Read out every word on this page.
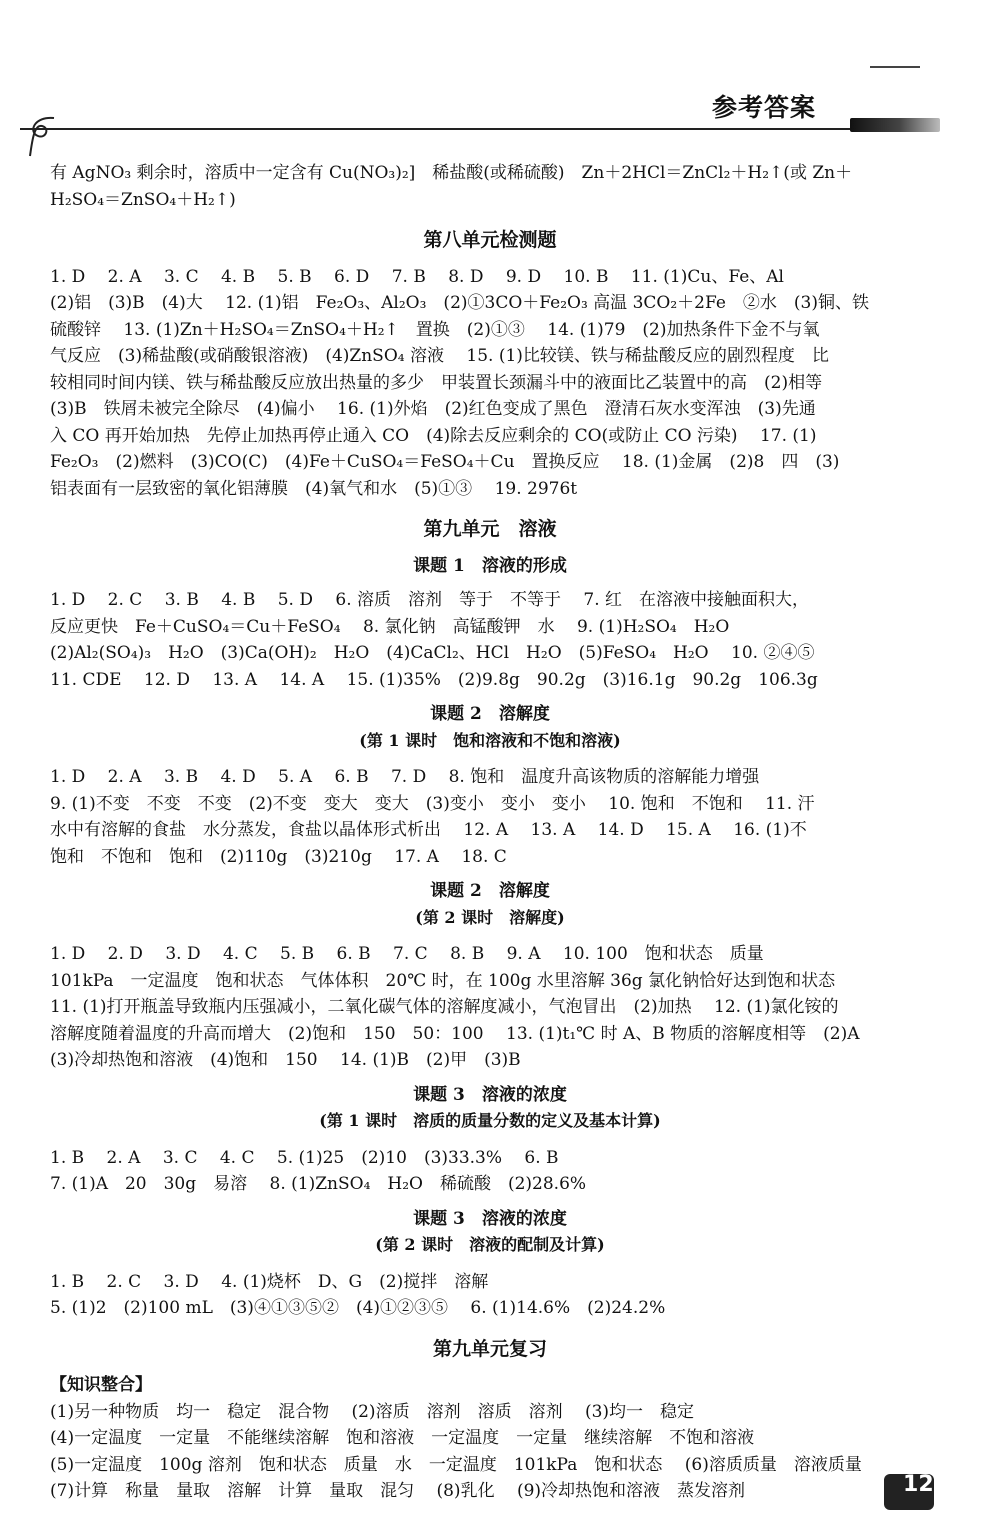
参考答案

有 AgNO₃ 剩余时，溶质中一定含有 Cu(NO₃)₂]　稀盐酸(或稀硫酸)　Zn＋2HCl＝ZnCl₂＋H₂↑(或 Zn＋

H₂SO₄＝ZnSO₄＋H₂↑)

第八单元检测题

1. D　 2. A　 3. C　 4. B　 5. B　 6. D　 7. B　 8. D　 9. D　 10. B　 11. (1)Cu、Fe、Al

(2)铝　(3)B　(4)大　 12. (1)铝　Fe₂O₃、Al₂O₃　(2)①3CO＋Fe₂O₃ 高温 3CO₂＋2Fe　②水　(3)铜、铁

硫酸锌　 13. (1)Zn＋H₂SO₄＝ZnSO₄＋H₂↑　置换　(2)①③　 14. (1)79　(2)加热条件下金不与氧

气反应　(3)稀盐酸(或硝酸银溶液)　(4)ZnSO₄ 溶液　 15. (1)比较镁、铁与稀盐酸反应的剧烈程度　比

较相同时间内镁、铁与稀盐酸反应放出热量的多少　甲装置长颈漏斗中的液面比乙装置中的高　(2)相等

(3)B　铁屑未被完全除尽　(4)偏小　 16. (1)外焰　(2)红色变成了黑色　澄清石灰水变浑浊　(3)先通

入 CO 再开始加热　先停止加热再停止通入 CO　(4)除去反应剩余的 CO(或防止 CO 污染)　 17. (1)

Fe₂O₃　(2)燃料　(3)CO(C)　(4)Fe＋CuSO₄＝FeSO₄＋Cu　置换反应　 18. (1)金属　(2)8　四　(3)

铝表面有一层致密的氧化铝薄膜　(4)氧气和水　(5)①③　 19. 2976t

第九单元　溶液

课题 1　溶液的形成

1. D　 2. C　 3. B　 4. B　 5. D　 6. 溶质　溶剂　等于　不等于　 7. 红　在溶液中接触面积大，

反应更快　Fe＋CuSO₄＝Cu＋FeSO₄　 8. 氯化钠　高锰酸钾　水　 9. (1)H₂SO₄　H₂O

(2)Al₂(SO₄)₃　H₂O　(3)Ca(OH)₂　H₂O　(4)CaCl₂、HCl　H₂O　(5)FeSO₄　H₂O　 10. ②④⑤

11. CDE　 12. D　 13. A　 14. A　 15. (1)35%　(2)9.8g　90.2g　(3)16.1g　90.2g　106.3g

课题 2　溶解度

(第 1 课时　饱和溶液和不饱和溶液)

1. D　 2. A　 3. B　 4. D　 5. A　 6. B　 7. D　 8. 饱和　温度升高该物质的溶解能力增强

9. (1)不变　不变　不变　(2)不变　变大　变大　(3)变小　变小　变小　 10. 饱和　不饱和　 11. 汗

水中有溶解的食盐　水分蒸发，食盐以晶体形式析出　 12. A　 13. A　 14. D　 15. A　 16. (1)不

饱和　不饱和　饱和　(2)110g　(3)210g　 17. A　 18. C

课题 2　溶解度

(第 2 课时　溶解度)

1. D　 2. D　 3. D　 4. C　 5. B　 6. B　 7. C　 8. B　 9. A　 10. 100　饱和状态　质量

101kPa　一定温度　饱和状态　气体体积　20℃ 时，在 100g 水里溶解 36g 氯化钠恰好达到饱和状态

11. (1)打开瓶盖导致瓶内压强减小，二氧化碳气体的溶解度减小，气泡冒出　(2)加热　 12. (1)氯化铵的

溶解度随着温度的升高而增大　(2)饱和　150　50：100　 13. (1)t₁℃ 时 A、B 物质的溶解度相等　(2)A

(3)冷却热饱和溶液　(4)饱和　150　 14. (1)B　(2)甲　(3)B

课题 3　溶液的浓度

(第 1 课时　溶质的质量分数的定义及基本计算)

1. B　 2. A　 3. C　 4. C　 5. (1)25　(2)10　(3)33.3%　 6. B

7. (1)A　20　30g　易溶　 8. (1)ZnSO₄　H₂O　稀硫酸　(2)28.6%

课题 3　溶液的浓度

(第 2 课时　溶液的配制及计算)

1. B　 2. C　 3. D　 4. (1)烧杯　D、G　(2)搅拌　溶解

5. (1)2　(2)100 mL　(3)④①③⑤②　(4)①②③⑤　 6. (1)14.6%　(2)24.2%

第九单元复习

【知识整合】

(1)另一种物质　均一　稳定　混合物　 (2)溶质　溶剂　溶质　溶剂　 (3)均一　稳定

(4)一定温度　一定量　不能继续溶解　饱和溶液　一定温度　一定量　继续溶解　不饱和溶液

(5)一定温度　100g 溶剂　饱和状态　质量　水　一定温度　101kPa　饱和状态　 (6)溶质质量　溶液质量

(7)计算　称量　量取　溶解　计算　量取　混匀　 (8)乳化　 (9)冷却热饱和溶液　蒸发溶剂	125
